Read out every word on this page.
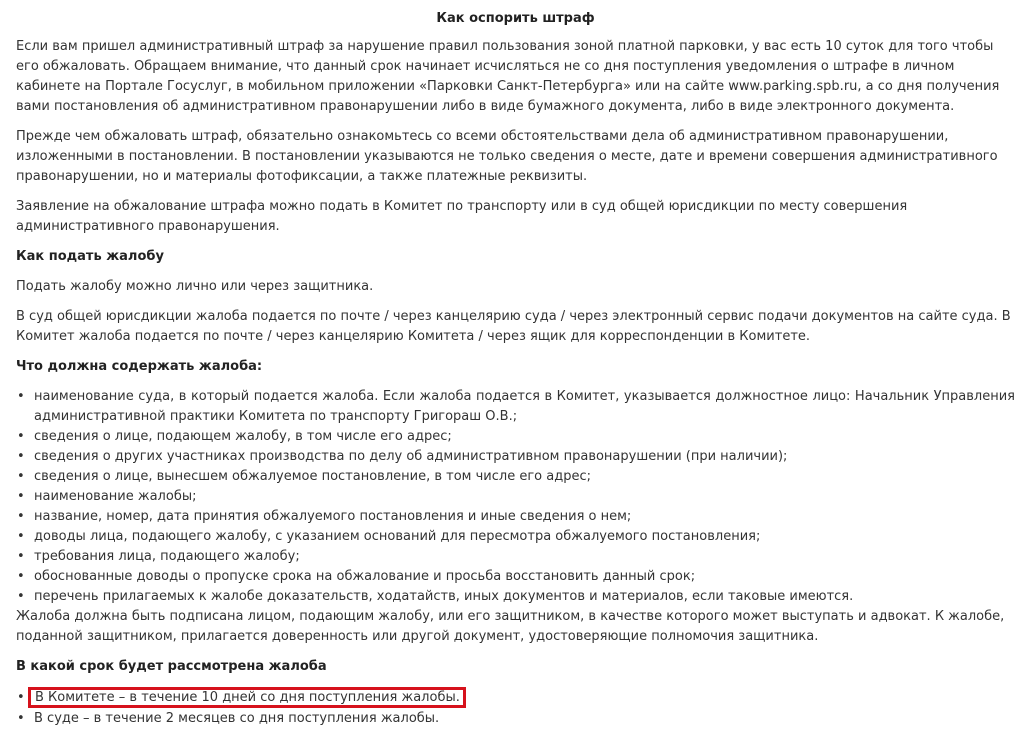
Как оспорить штраф

Если вам пришел административный штраф за нарушение правил пользования зоной платной парковки, у вас есть 10 суток для того чтобы его обжаловать. Обращаем внимание, что данный срок начинает исчисляться не со дня поступления уведомления о штрафе в личном кабинете на Портале Госуслуг, в мобильном приложении «Парковки Санкт-Петербурга» или на сайте www.parking.spb.ru, а со дня получения вами постановления об административном правонарушении либо в виде бумажного документа, либо в виде электронного документа.

Прежде чем обжаловать штраф, обязательно ознакомьтесь со всеми обстоятельствами дела об административном правонарушении, изложенными в постановлении. В постановлении указываются не только сведения о месте, дате и времени совершения административного правонарушении, но и материалы фотофиксации, а также платежные реквизиты.

Заявление на обжалование штрафа можно подать в Комитет по транспорту или в суд общей юрисдикции по месту совершения административного правонарушения.

Как подать жалобу

Подать жалобу можно лично или через защитника.

В суд общей юрисдикции жалоба подается по почте / через канцелярию суда / через электронный сервис подачи документов на сайте суда. В Комитет жалоба подается по почте / через канцелярию Комитета / через ящик для корреспонденции в Комитете.

Что должна содержать жалоба:
• наименование суда, в который подается жалоба. Если жалоба подается в Комитет, указывается должностное лицо: Начальник Управления административной практики Комитета по транспорту Григораш О.В.;
• сведения о лице, подающем жалобу, в том числе его адрес;
• сведения о других участниках производства по делу об административном правонарушении (при наличии);
• сведения о лице, вынесшем обжалуемое постановление, в том числе его адрес;
• наименование жалобы;
• название, номер, дата принятия обжалуемого постановления и иные сведения о нем;
• доводы лица, подающего жалобу, с указанием оснований для пересмотра обжалуемого постановления;
• требования лица, подающего жалобу;
• обоснованные доводы о пропуске срока на обжалование и просьба восстановить данный срок;
• перечень прилагаемых к жалобе доказательств, ходатайств, иных документов и материалов, если таковые имеются.
Жалоба должна быть подписана лицом, подающим жалобу, или его защитником, в качестве которого может выступать и адвокат. К жалобе, поданной защитником, прилагается доверенность или другой документ, удостоверяющие полномочия защитника.
В какой срок будет рассмотрена жалоба
• В Комитете – в течение 10 дней со дня поступления жалобы.
• В суде – в течение 2 месяцев со дня поступления жалобы.
